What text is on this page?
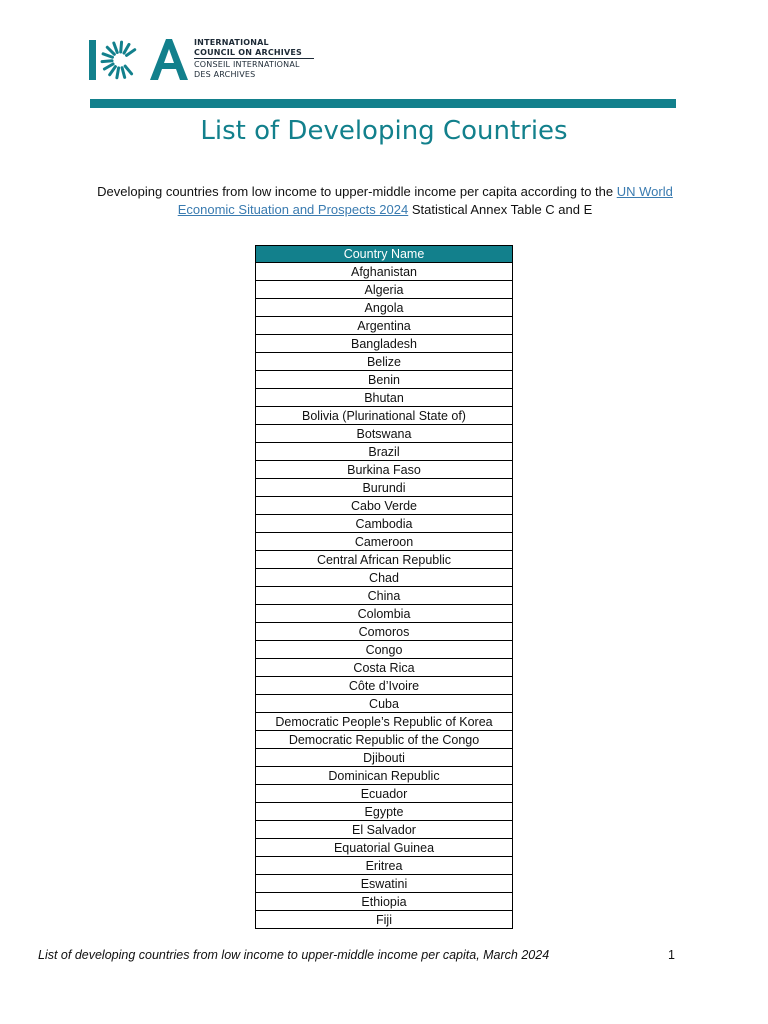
INTERNATIONAL
COUNCIL ON ARCHIVES
CONSEIL INTERNATIONAL
DES ARCHIVES
List of Developing Countries
Developing countries from low income to upper-middle income per capita according to the UN World Economic Situation and Prospects 2024 Statistical Annex Table C and E
Country Name
Afghanistan
Algeria
Angola
Argentina
Bangladesh
Belize
Benin
Bhutan
Bolivia (Plurinational State of)
Botswana
Brazil
Burkina Faso
Burundi
Cabo Verde
Cambodia
Cameroon
Central African Republic
Chad
China
Colombia
Comoros
Congo
Costa Rica
Côte d’Ivoire
Cuba
Democratic People’s Republic of Korea
Democratic Republic of the Congo
Djibouti
Dominican Republic
Ecuador
Egypte
El Salvador
Equatorial Guinea
Eritrea
Eswatini
Ethiopia
Fiji
List of developing countries from low income to upper-middle income per capita, March 2024	1
